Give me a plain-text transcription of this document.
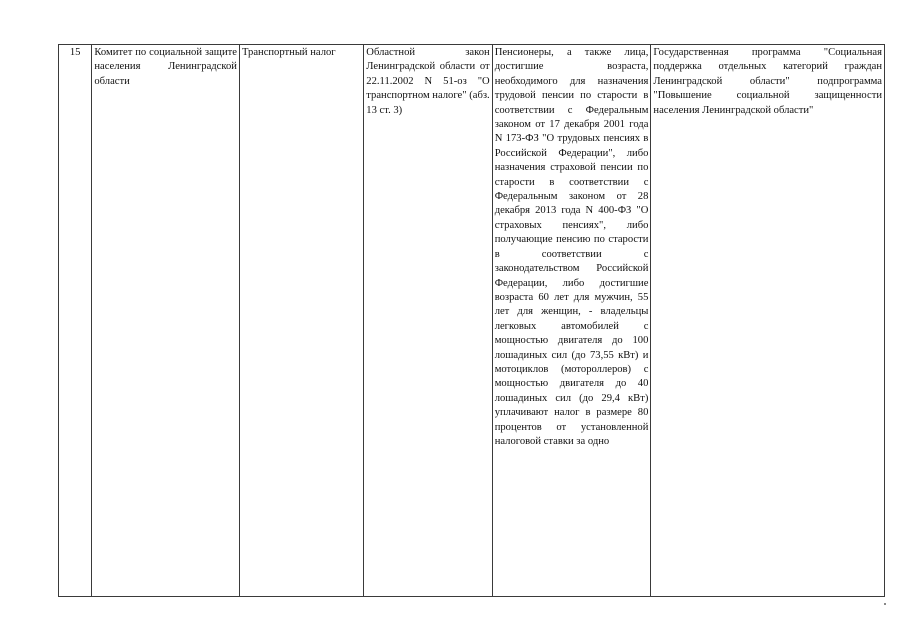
15	Комитет по социальной защите населения Ленинградской области	Транспортный налог	Областной закон Ленинградской области от 22.11.2002 N 51-оз "О транспортном налоге" (абз. 13 ст. 3)	Пенсионеры, а также лица, достигшие возраста, необходимого для назначения трудовой пенсии по старости в соответствии с Федеральным законом от 17 декабря 2001 года N 173-ФЗ "О трудовых пенсиях в Российской Федерации", либо назначения страховой пенсии по старости в соответствии с Федеральным законом от 28 декабря 2013 года N 400-ФЗ "О страховых пенсиях", либо получающие пенсию по старости в соответствии с законодательством Российской Федерации, либо достигшие возраста 60 лет для мужчин, 55 лет для женщин, - владельцы легковых автомобилей с мощностью двигателя до 100 лошадиных сил (до 73,55 кВт) и мотоциклов (мотороллеров) с мощностью двигателя до 40 лошадиных сил (до 29,4 кВт) уплачивают налог в размере 80 процентов от установленной налоговой ставки за одно	Государственная программа "Социальная поддержка отдельных категорий граждан Ленинградской области" подпрограмма "Повышение социальной защищенности населения Ленинградской области"
